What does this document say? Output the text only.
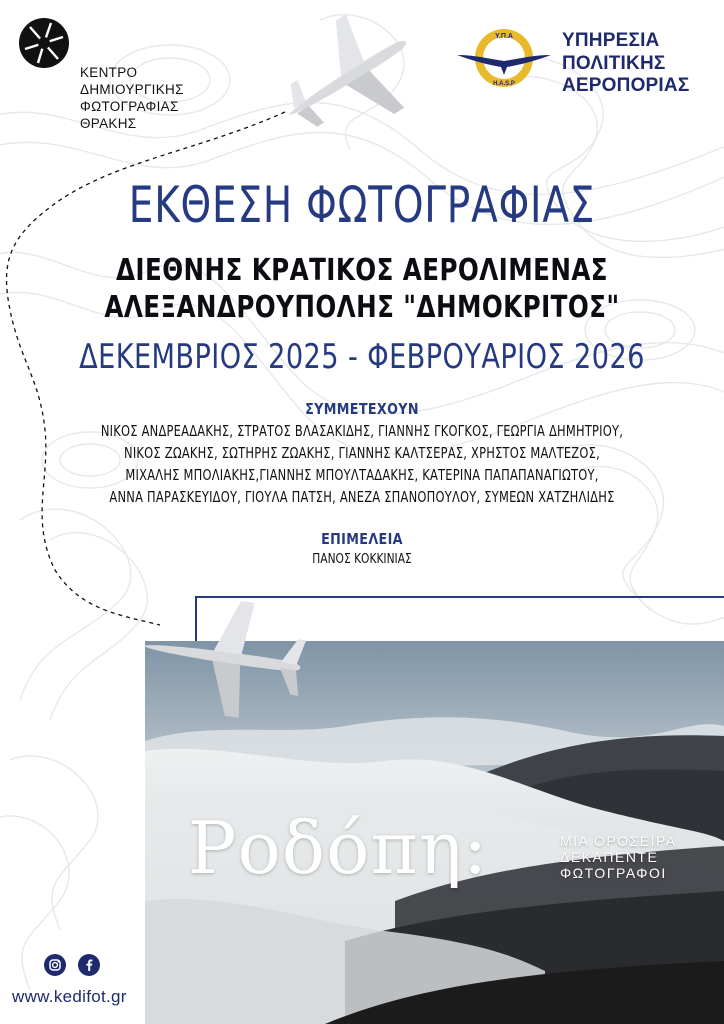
ΚΕΝΤΡΟ
ΔΗΜΙΟΥΡΓΙΚΗΣ
ΦΩΤΟΓΡΑΦΙΑΣ
ΘΡΑΚΗΣ
Υ.Π.Α
H.A.S.P
ΥΠΗΡΕΣΙΑ
ΠΟΛΙΤΙΚΗΣ
ΑΕΡΟΠΟΡΙΑΣ
ΕΚΘΕΣΗ ΦΩΤΟΓΡΑΦΙΑΣ
ΔΙΕΘΝΗΣ ΚΡΑΤΙΚΟΣ ΑΕΡΟΛΙΜΕΝΑΣ
ΑΛΕΞΑΝΔΡΟΥΠΟΛΗΣ "ΔΗΜΟΚΡΙΤΟΣ"
ΔΕΚΕΜΒΡΙΟΣ 2025 - ΦΕΒΡΟΥΑΡΙΟΣ 2026
ΣΥΜΜΕΤΕΧΟΥΝ
ΝΙΚΟΣ ΑΝΔΡΕΑΔΑΚΗΣ, ΣΤΡΑΤΟΣ ΒΛΑΣΑΚΙΔΗΣ, ΓΙΑΝΝΗΣ ΓΚΟΓΚΟΣ, ΓΕΩΡΓΙΑ ΔΗΜΗΤΡΙΟΥ,
ΝΙΚΟΣ ΖΩΑΚΗΣ, ΣΩΤΗΡΗΣ ΖΩΑΚΗΣ, ΓΙΑΝΝΗΣ ΚΑΛΤΣΕΡΑΣ, ΧΡΗΣΤΟΣ ΜΑΛΤΕΖΟΣ,
ΜΙΧΑΛΗΣ ΜΠΟΛΙΑΚΗΣ,ΓΙΑΝΝΗΣ ΜΠΟΥΛΤΑΔΑΚΗΣ, ΚΑΤΕΡΙΝΑ ΠΑΠΑΠΑΝΑΓΙΩΤΟΥ,
ΑΝΝΑ ΠΑΡΑΣΚΕΥΙΔΟΥ, ΓΙΟΥΛΑ ΠΑΤΣΗ, ΑΝΕΖΑ ΣΠΑΝΟΠΟΥΛΟΥ, ΣΥΜΕΩΝ ΧΑΤΖΗΛΙΔΗΣ
ΕΠΙΜΕΛΕΙΑ
ΠΑΝΟΣ ΚΟΚΚΙΝΙΑΣ
Ροδόπη:	ΜΙΑ ΟΡΟΣΕΙΡΑ
ΔΕΚΑΠΕΝΤΕ
ΦΩΤΟΓΡΑΦΟΙ
www.kedifot.gr
